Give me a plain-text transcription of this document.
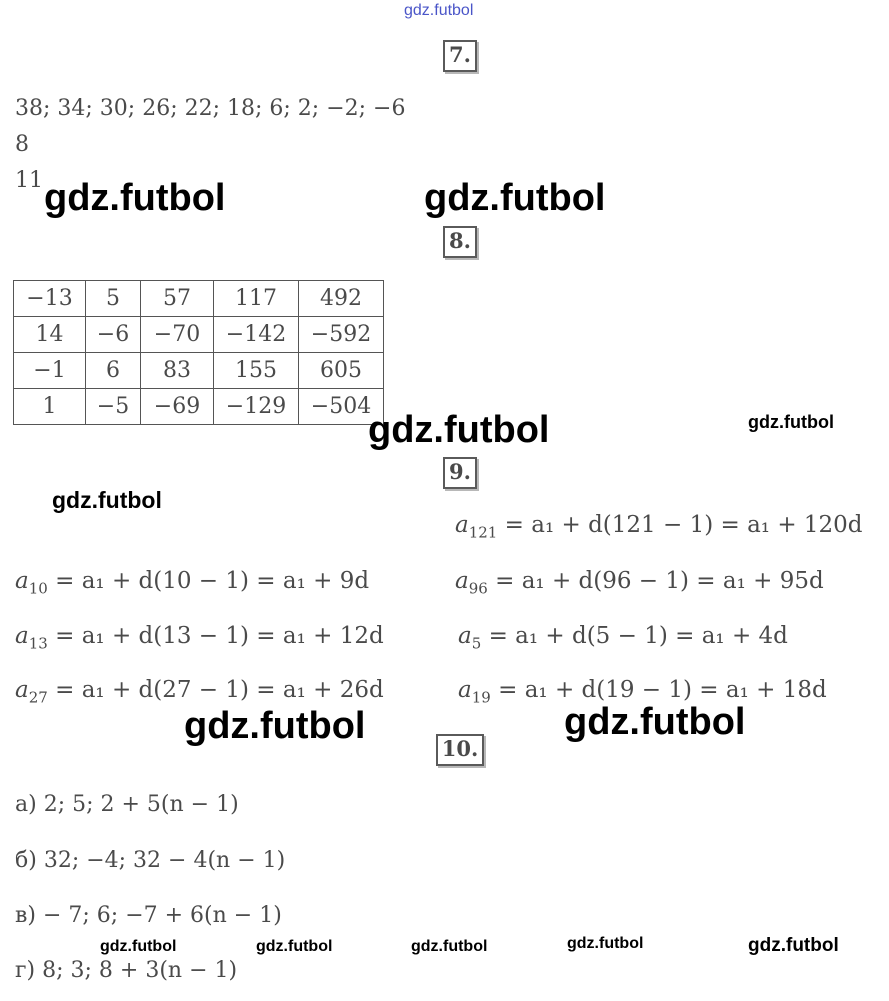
gdz.futbol
7.
38; 34; 30; 26; 22; 18; 6; 2; −2; −6
8
11 gdz.futbol	gdz.futbol
8.
−13	5	57	117	492
14	−6	−70	−142	−592
−1	6	83	155	605
1	−5	−69	−129	−504
gdz.futbol	gdz.futbol
9.
gdz.futbol
$a_{121} = a_1 + d(121 - 1) = a_1 + 120d$
$a_{10} = a_1 + d(10 - 1) = a_1 + 9d$	$a_{96} = a_1 + d(96 - 1) = a_1 + 95d$
$a_{13} = a_1 + d(13 - 1) = a_1 + 12d$	$a_5 = a_1 + d(5 - 1) = a_1 + 4d$
$a_{27} = a_1 + d(27 - 1) = a_1 + 26d$	$a_{19} = a_1 + d(19 - 1) = a_1 + 18d$
gdz.futbol	gdz.futbol
10.
а) 2; 5; 2 + 5(n − 1)
б) 32; −4; 32 − 4(n − 1)
в) − 7; 6; −7 + 6(n − 1)
г) 8; 3; 8 + 3(n − 1)
gdz.futbol	gdz.futbol	gdz.futbol	gdz.futbol	gdz.futbol
